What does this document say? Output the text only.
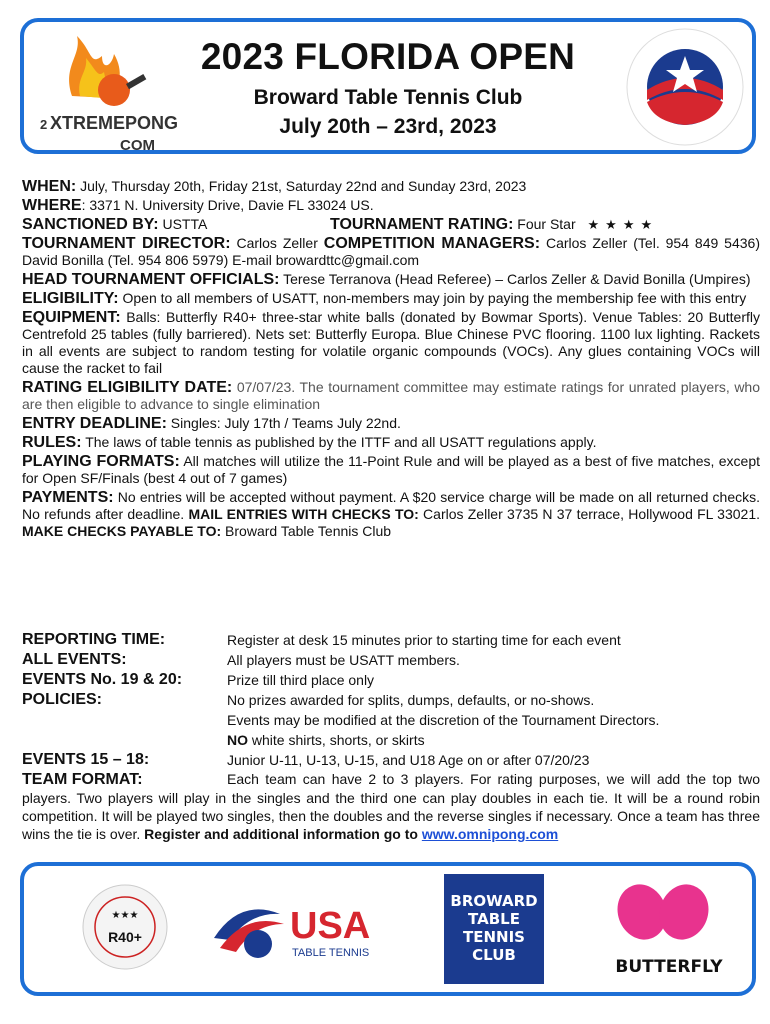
2 XTREMEPONG
COM
2023 FLORIDA OPEN
Broward Table Tennis Club
July 20th – 23rd, 2023

WHEN: July, Thursday 20th, Friday 21st, Saturday 22nd and Sunday 23rd, 2023

WHERE: 3371 N. University Drive, Davie FL 33024 US.

SANCTIONED BY: USTTA	TOURNAMENT RATING: Four Star ★★★★

TOURNAMENT DIRECTOR: Carlos Zeller COMPETITION MANAGERS: Carlos Zeller (Tel. 954 849 5436) David Bonilla (Tel. 954 806 5979) E-mail browardttc@gmail.com

HEAD TOURNAMENT OFFICIALS: Terese Terranova (Head Referee) – Carlos Zeller & David Bonilla (Umpires)

ELIGIBILITY: Open to all members of USATT, non-members may join by paying the membership fee with this entry

EQUIPMENT: Balls: Butterfly R40+ three-star white balls (donated by Bowmar Sports). Venue Tables: 20 Butterfly Centrefold 25 tables (fully barriered). Nets set: Butterfly Europa. Blue Chinese PVC flooring. 1100 lux lighting. Rackets in all events are subject to random testing for volatile organic compounds (VOCs). Any glues containing VOCs will cause the racket to fail

RATING ELIGIBILITY DATE: 07/07/23. The tournament committee may estimate ratings for unrated players, who are then eligible to advance to single elimination

ENTRY DEADLINE: Singles: July 17th / Teams July 22nd.

RULES: The laws of table tennis as published by the ITTF and all USATT regulations apply.

PLAYING FORMATS: All matches will utilize the 11-Point Rule and will be played as a best of five matches, except for Open SF/Finals (best 4 out of 7 games)

PAYMENTS: No entries will be accepted without payment. A $20 service charge will be made on all returned checks. No refunds after deadline. MAIL ENTRIES WITH CHECKS TO: Carlos Zeller 3735 N 37 terrace, Hollywood FL 33021. MAKE CHECKS PAYABLE TO: Broward Table Tennis Club

REPORTING TIME:	Register at desk 15 minutes prior to starting time for each event
ALL EVENTS:	All players must be USATT members.
EVENTS No. 19 & 20:	Prize till third place only
POLICIES:	No prizes awarded for splits, dumps, defaults, or no-shows.
Events may be modified at the discretion of the Tournament Directors.
NO white shirts, shorts, or skirts
EVENTS 15 – 18:	Junior U-11, U-13, U-15, and U18 Age on or after 07/20/23
TEAM FORMAT:	Each team can have 2 to 3 players. For rating purposes, we will add the top two players. Two players will play in the singles and the third one can play doubles in each tie. It will be a round robin competition. It will be played two singles, then the doubles and the reverse singles if necessary. Once a team has three wins the tie is over. Register and additional information go to www.omnipong.com
★★★
R40+	USA
TABLE TENNIS
BROWARD
TABLE
TENNIS
CLUB
BUTTERFLY
